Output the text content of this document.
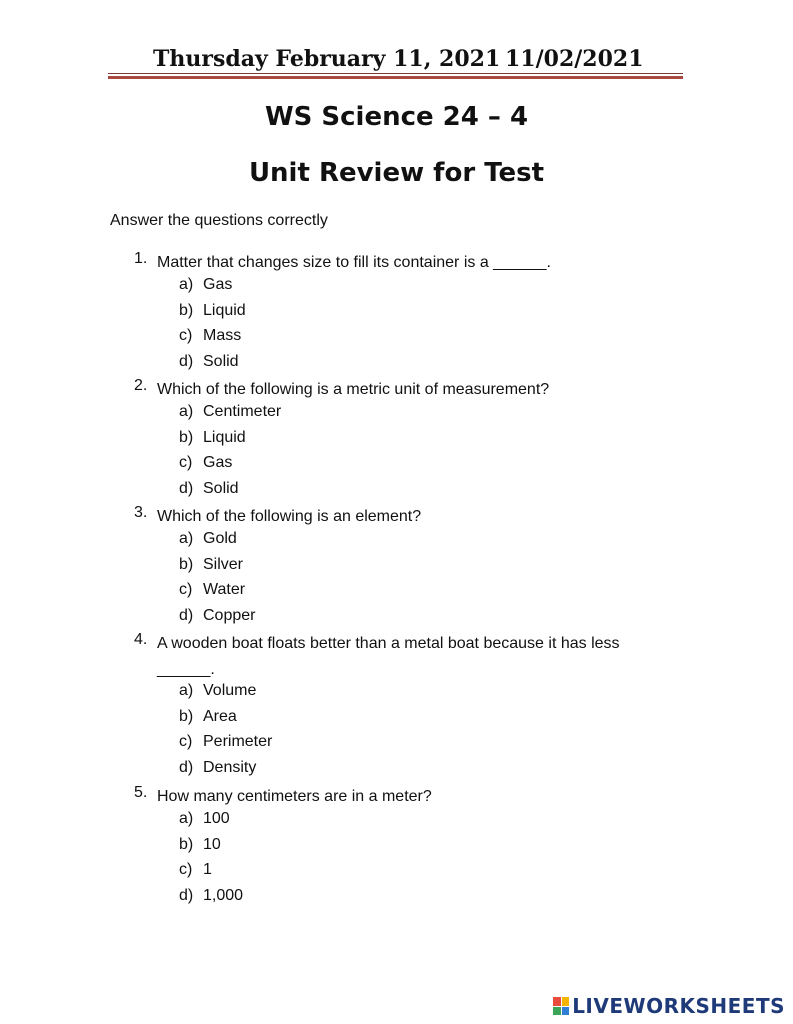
Thursday February 11, 2021 11/02/2021
WS Science 24 – 4
Unit Review for Test
Answer the questions correctly
1. Matter that changes size to fill its container is a ______.
a) Gas
b) Liquid
c) Mass
d) Solid
2. Which of the following is a metric unit of measurement?
a) Centimeter
b) Liquid
c) Gas
d) Solid
3. Which of the following is an element?
a) Gold
b) Silver
c) Water
d) Copper
4. A wooden boat floats better than a metal boat because it has less ______.
a) Volume
b) Area
c) Perimeter
d) Density
5. How many centimeters are in a meter?
a) 100
b) 10
c) 1
d) 1,000
LIVEWORKSHEETS
